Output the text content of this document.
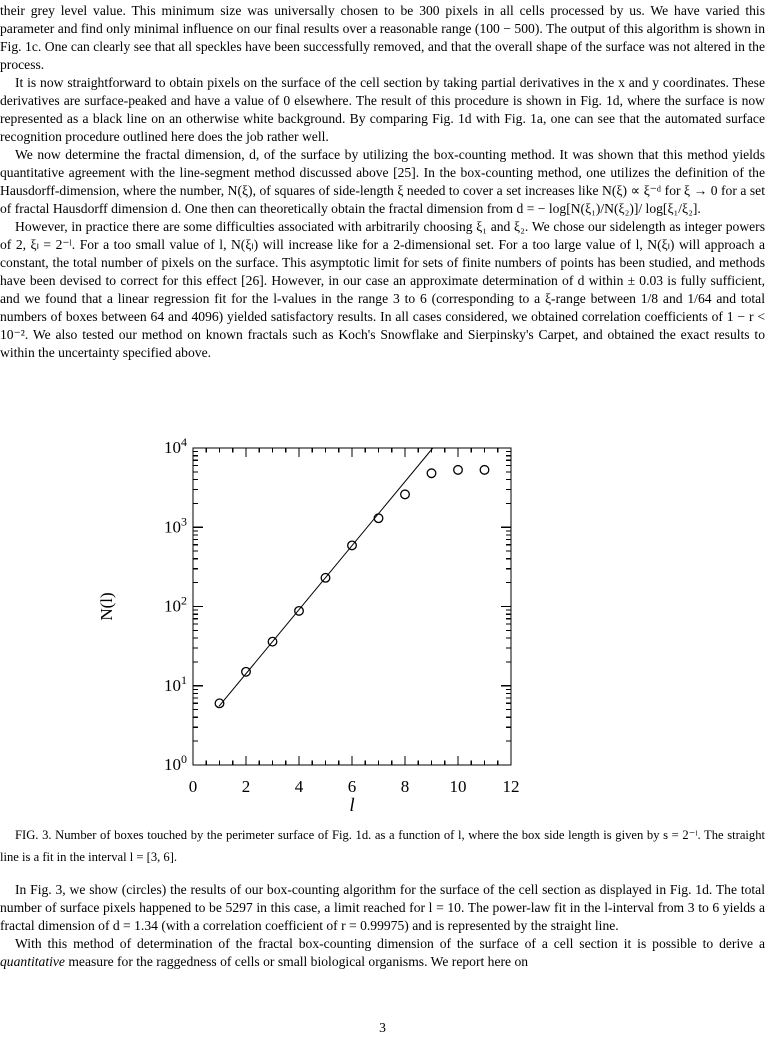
their grey level value. This minimum size was universally chosen to be 300 pixels in all cells processed by us. We have varied this parameter and find only minimal influence on our final results over a reasonable range (100 − 500). The output of this algorithm is shown in Fig. 1c. One can clearly see that all speckles have been successfully removed, and that the overall shape of the surface was not altered in the process.

It is now straightforward to obtain pixels on the surface of the cell section by taking partial derivatives in the x and y coordinates. These derivatives are surface-peaked and have a value of 0 elsewhere. The result of this procedure is shown in Fig. 1d, where the surface is now represented as a black line on an otherwise white background. By comparing Fig. 1d with Fig. 1a, one can see that the automated surface recognition procedure outlined here does the job rather well.

We now determine the fractal dimension, d, of the surface by utilizing the box-counting method. It was shown that this method yields quantitative agreement with the line-segment method discussed above [25]. In the box-counting method, one utilizes the definition of the Hausdorff-dimension, where the number, N(ξ), of squares of side-length ξ needed to cover a set increases like N(ξ) ∝ ξ⁻ᵈ for ξ → 0 for a set of fractal Hausdorff dimension d. One then can theoretically obtain the fractal dimension from d = − log[N(ξ₁)/N(ξ₂)]/ log[ξ₁/ξ₂].

However, in practice there are some difficulties associated with arbitrarily choosing ξ₁ and ξ₂. We chose our sidelength as integer powers of 2, ξₗ = 2⁻ˡ. For a too small value of l, N(ξₗ) will increase like for a 2-dimensional set. For a too large value of l, N(ξₗ) will approach a constant, the total number of pixels on the surface. This asymptotic limit for sets of finite numbers of points has been studied, and methods have been devised to correct for this effect [26]. However, in our case an approximate determination of d within ± 0.03 is fully sufficient, and we found that a linear regression fit for the l-values in the range 3 to 6 (corresponding to a ξ-range between 1/8 and 1/64 and total numbers of boxes between 64 and 4096) yielded satisfactory results. In all cases considered, we obtained correlation coefficients of 1 − r < 10⁻². We also tested our method on known fractals such as Koch's Snowflake and Sierpinsky's Carpet, and obtained the exact results to within the uncertainty specified above.

0	2	4	6	8 10 12
$10^0$
$10^1$
$10^2$
$10^3$
$10^4$
N(l)
l
FIG. 3. Number of boxes touched by the perimeter surface of Fig. 1d. as a function of l, where the box side length is given by s = 2⁻ˡ. The straight line is a fit in the interval l = [3, 6].

In Fig. 3, we show (circles) the results of our box-counting algorithm for the surface of the cell section as displayed in Fig. 1d. The total number of surface pixels happened to be 5297 in this case, a limit reached for l = 10. The power-law fit in the l-interval from 3 to 6 yields a fractal dimension of d = 1.34 (with a correlation coefficient of r = 0.99975) and is represented by the straight line.

With this method of determination of the fractal box-counting dimension of the surface of a cell section it is possible to derive a quantitative measure for the raggedness of cells or small biological organisms. We report here on

3
